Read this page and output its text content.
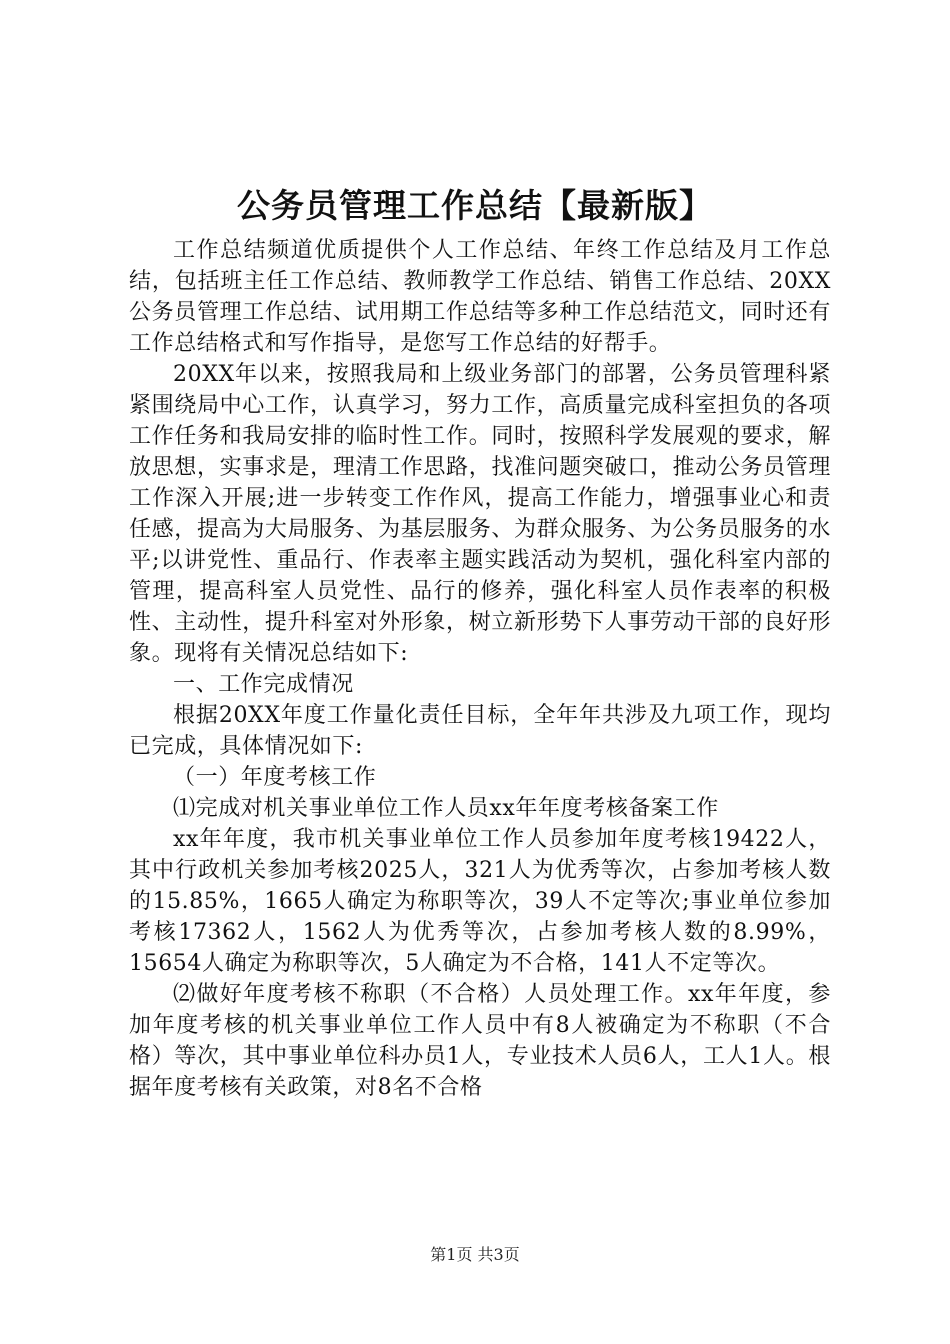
公务员管理工作总结【最新版】

工作总结频道优质提供个人工作总结、年终工作总结及月工作总结，包括班主任工作总结、教师教学工作总结、销售工作总结、20XX公务员管理工作总结、试用期工作总结等多种工作总结范文，同时还有工作总结格式和写作指导，是您写工作总结的好帮手。

20XX年以来，按照我局和上级业务部门的部署，公务员管理科紧紧围绕局中心工作，认真学习，努力工作，高质量完成科室担负的各项工作任务和我局安排的临时性工作。同时，按照科学发展观的要求，解放思想，实事求是，理清工作思路，找准问题突破口，推动公务员管理工作深入开展;进一步转变工作作风，提高工作能力，增强事业心和责任感，提高为大局服务、为基层服务、为群众服务、为公务员服务的水平;以讲党性、重品行、作表率主题实践活动为契机，强化科室内部的管理，提高科室人员党性、品行的修养，强化科室人员作表率的积极性、主动性，提升科室对外形象，树立新形势下人事劳动干部的良好形象。现将有关情况总结如下:

一、工作完成情况

根据20XX年度工作量化责任目标，全年年共涉及九项工作，现均已完成，具体情况如下:

（一）年度考核工作

⑴完成对机关事业单位工作人员xx年年度考核备案工作

xx年年度，我市机关事业单位工作人员参加年度考核19422人，其中行政机关参加考核2025人，321人为优秀等次，占参加考核人数的15.85%，1665人确定为称职等次，39人不定等次;事业单位参加考核17362人，1562人为优秀等次，占参加考核人数的8.99%，15654人确定为称职等次，5人确定为不合格，141人不定等次。

⑵做好年度考核不称职（不合格）人员处理工作。xx年年度，参加年度考核的机关事业单位工作人员中有8人被确定为不称职（不合格）等次，其中事业单位科办员1人，专业技术人员6人，工人1人。根据年度考核有关政策，对8名不合格

第1页 共3页
